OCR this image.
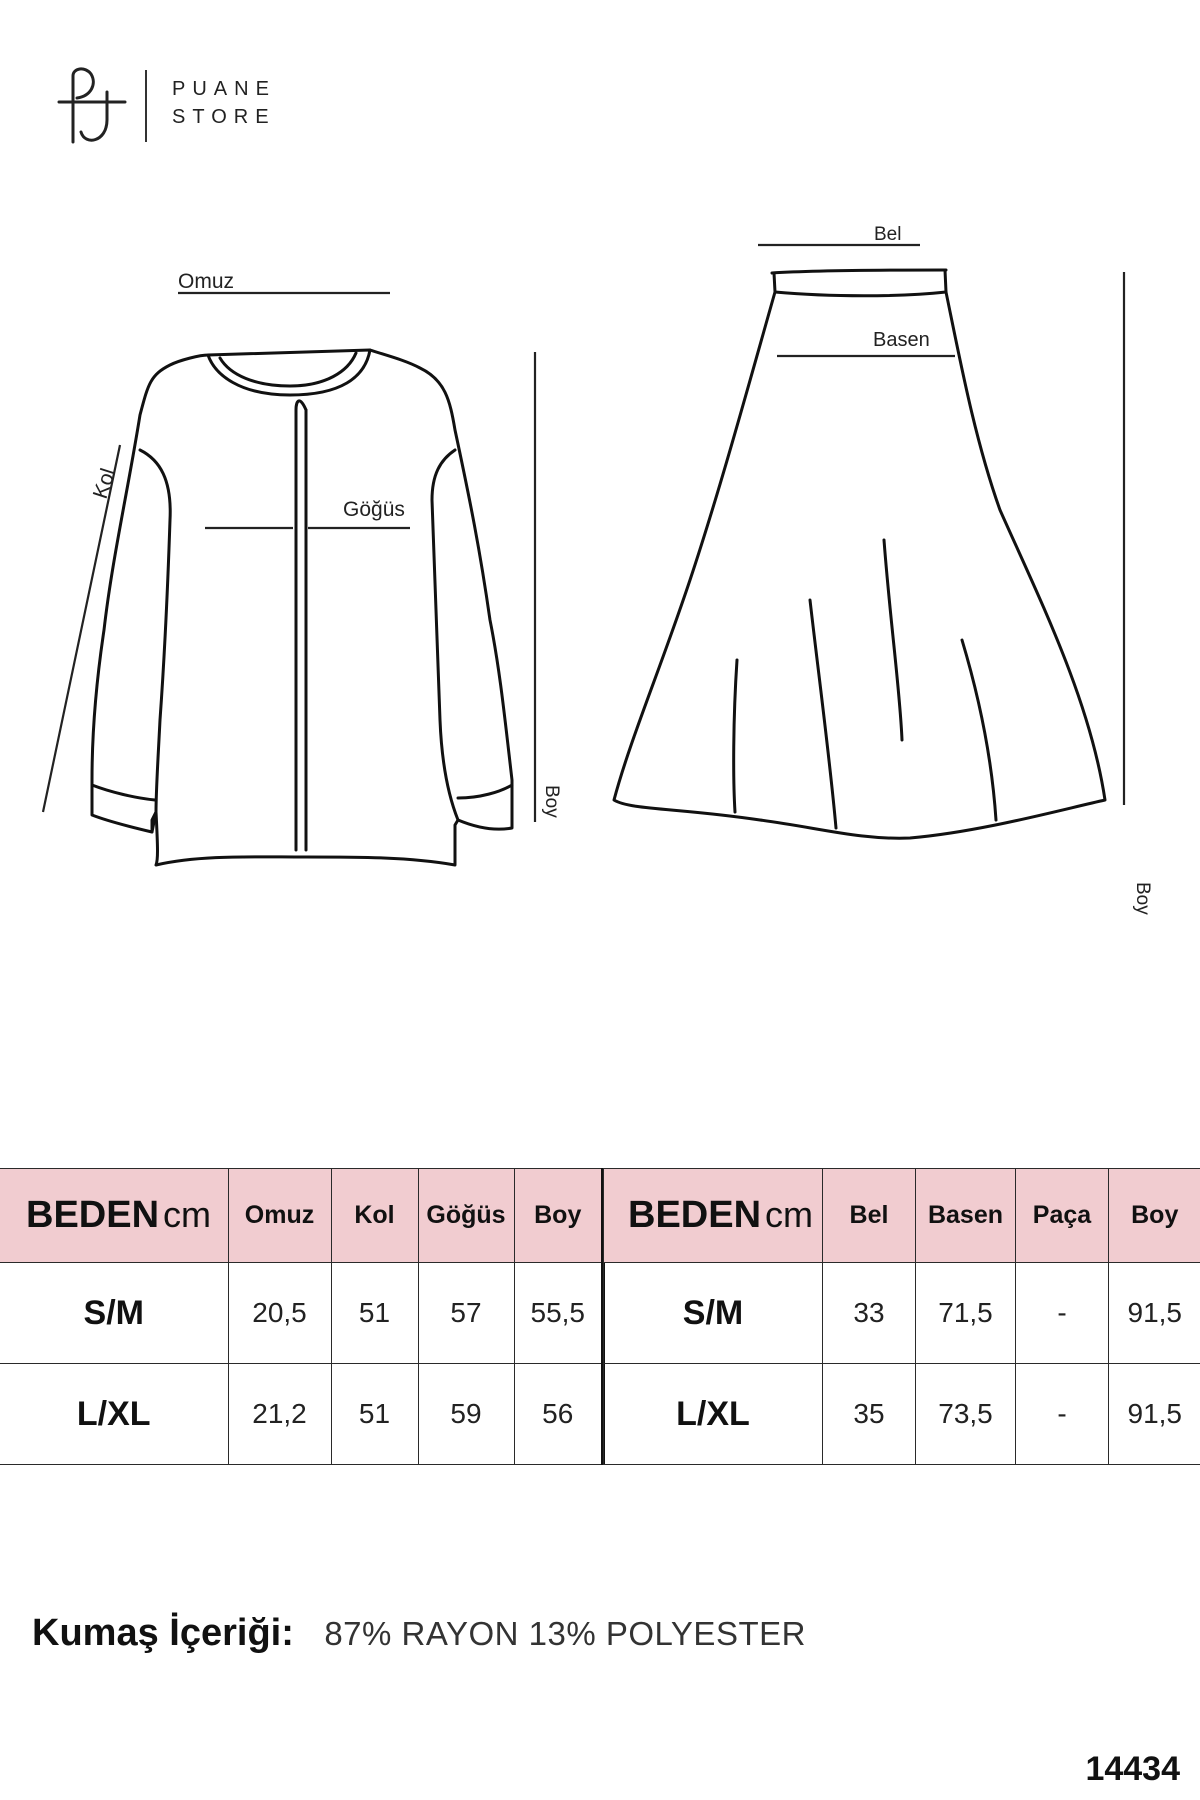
PUANE
STORE
Omuz
Kol
Göğüs
Boy
Bel
Basen
Boy
BEDEN cm	Omuz	Kol	Göğüs	Boy
S/M	20,5	51	57	55,5
L/XL	21,2	51	59	56
BEDEN cm	Bel	Basen	Paça	Boy
S/M	33	71,5	-	91,5
L/XL	35	73,5	-	91,5
Kumaş İçeriği: 87% RAYON 13% POLYESTER
14434
